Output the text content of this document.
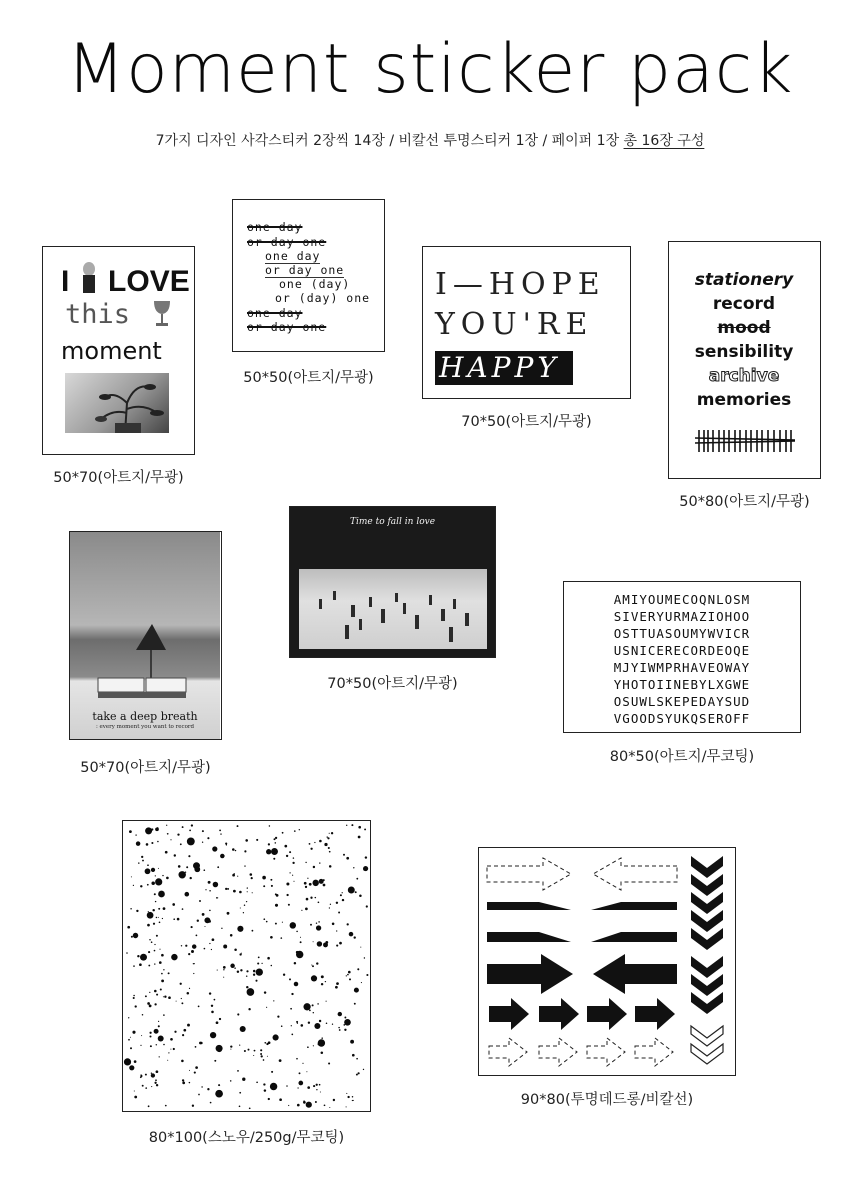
Moment sticker pack
7가지 디자인 사각스티커 2장씩 14장 / 비칼선 투명스티커 1장 / 페이퍼 1장 총 16장 구성
I LOVE
this
moment
50*70(아트지/무광)
one day
or day one
one day
or day one
one (day)
or (day) one
one day
or day one
50*50(아트지/무광)
I—HOPE
YOU'RE
HAPPY
70*50(아트지/무광)
stationery
record
mood
sensibility
archive
memories
50*80(아트지/무광)
take a deep breath
: every moment you want to record
50*70(아트지/무광)
Time to fall in love
70*50(아트지/무광)
AMIYOUMECOQNLOSM
SIVERYURMAZIOHOO
OSTTUASOUMYWVICR
USNICERECORDEOQE
MJYIWMPRHAVEOWAY
YHOTOIINEBYLXGWE
OSUWLSKEPEDAYSUD
VGOODSYUKQSEROFF
80*50(아트지/무코팅)
80*100(스노우/250g/무코팅)
90*80(투명데드롱/비칼선)
